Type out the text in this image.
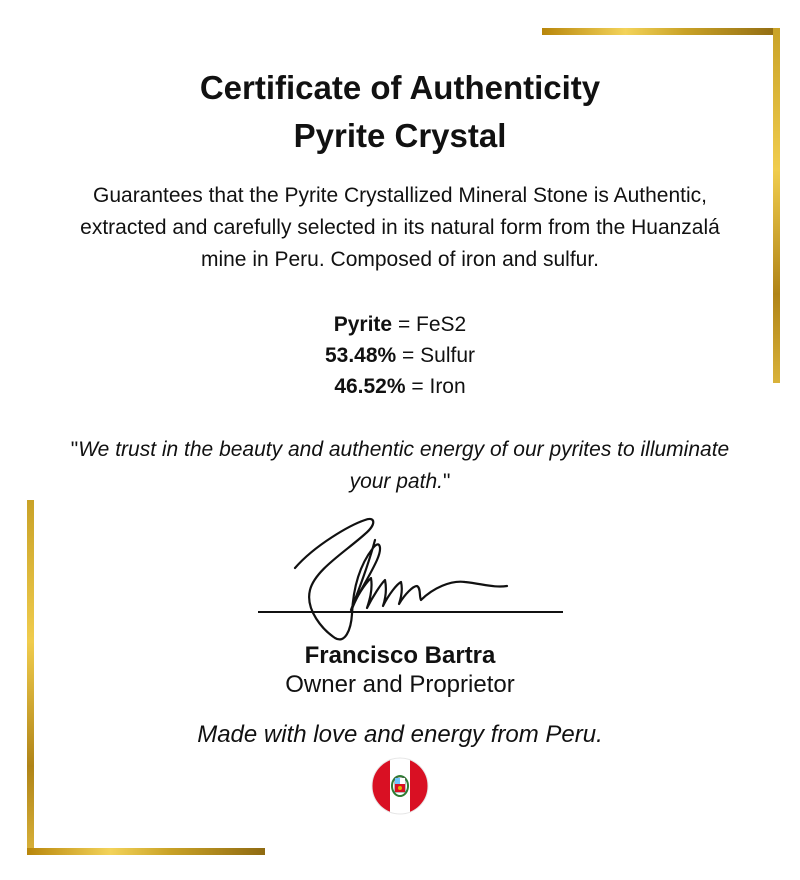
Certificate of Authenticity
Pyrite Crystal
Guarantees that the Pyrite Crystallized Mineral Stone is Authentic, extracted and carefully selected in its natural form from the Huanzalá mine in Peru. Composed of iron and sulfur.
Pyrite = FeS2
53.48% = Sulfur
46.52% = Iron
"We trust in the beauty and authentic energy of our pyrites to illuminate your path."
Francisco Bartra
Owner and Proprietor
Made with love and energy from Peru.
